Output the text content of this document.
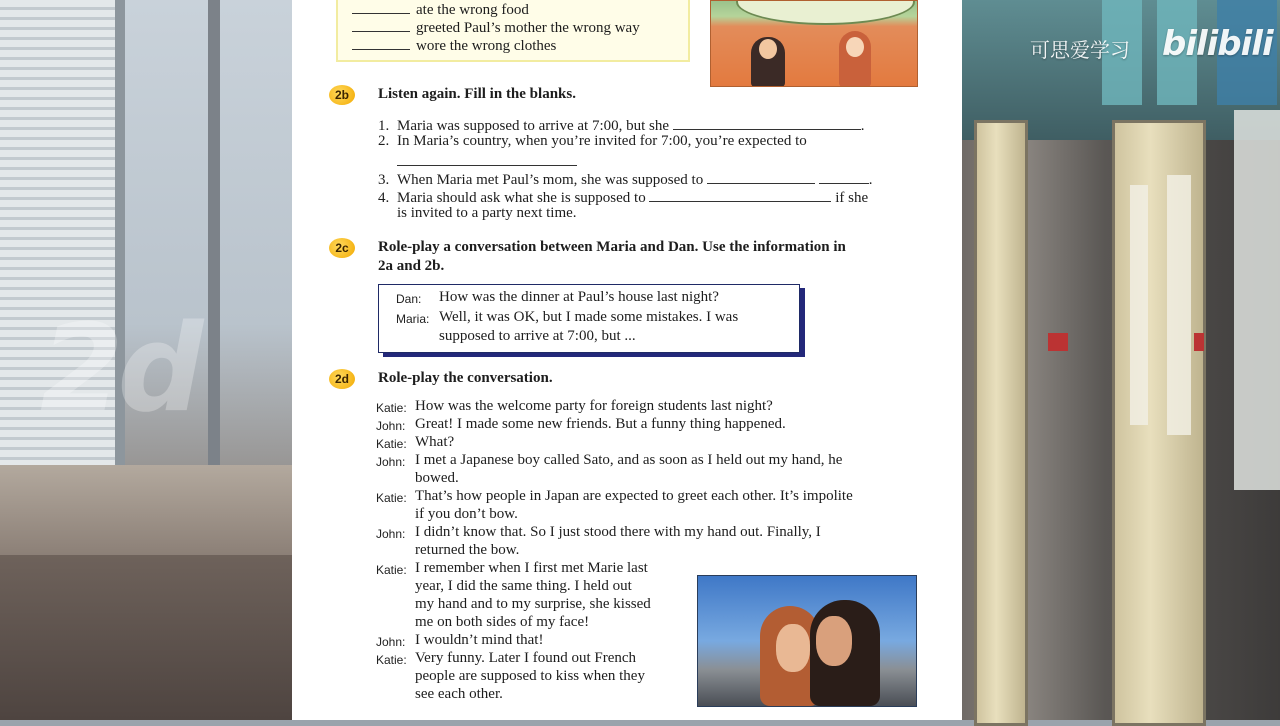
2d
可思爱学习 bilibili
ate the wrong food
greeted Paul’s mother the wrong way
wore the wrong clothes
2b	Listen again. Fill in the blanks.
1. Maria was supposed to arrive at 7:00, but she	.
2. In Maria’s country, when you’re invited for 7:00, you’re expected to
3. When Maria met Paul’s mom, she was supposed to	.
4. Maria should ask what she is supposed to	if she
is invited to a party next time.
2c	Role-play a conversation between Maria and Dan. Use the information in
2a and 2b.
Dan: How was the dinner at Paul’s house last night?
Maria: Well, it was OK, but I made some mistakes. I was
supposed to arrive at 7:00, but ...
2d	Role-play the conversation.
Katie: How was the welcome party for foreign students last night?
John: Great! I made some new friends. But a funny thing happened.
Katie: What?
John: I met a Japanese boy called Sato, and as soon as I held out my hand, he
bowed.
Katie: That’s how people in Japan are expected to greet each other. It’s impolite
if you don’t bow.
John: I didn’t know that. So I just stood there with my hand out. Finally, I
returned the bow.
Katie: I remember when I first met Marie last
year, I did the same thing. I held out
my hand and to my surprise, she kissed
me on both sides of my face!
John: I wouldn’t mind that!
Katie: Very funny. Later I found out French
people are supposed to kiss when they
see each other.
